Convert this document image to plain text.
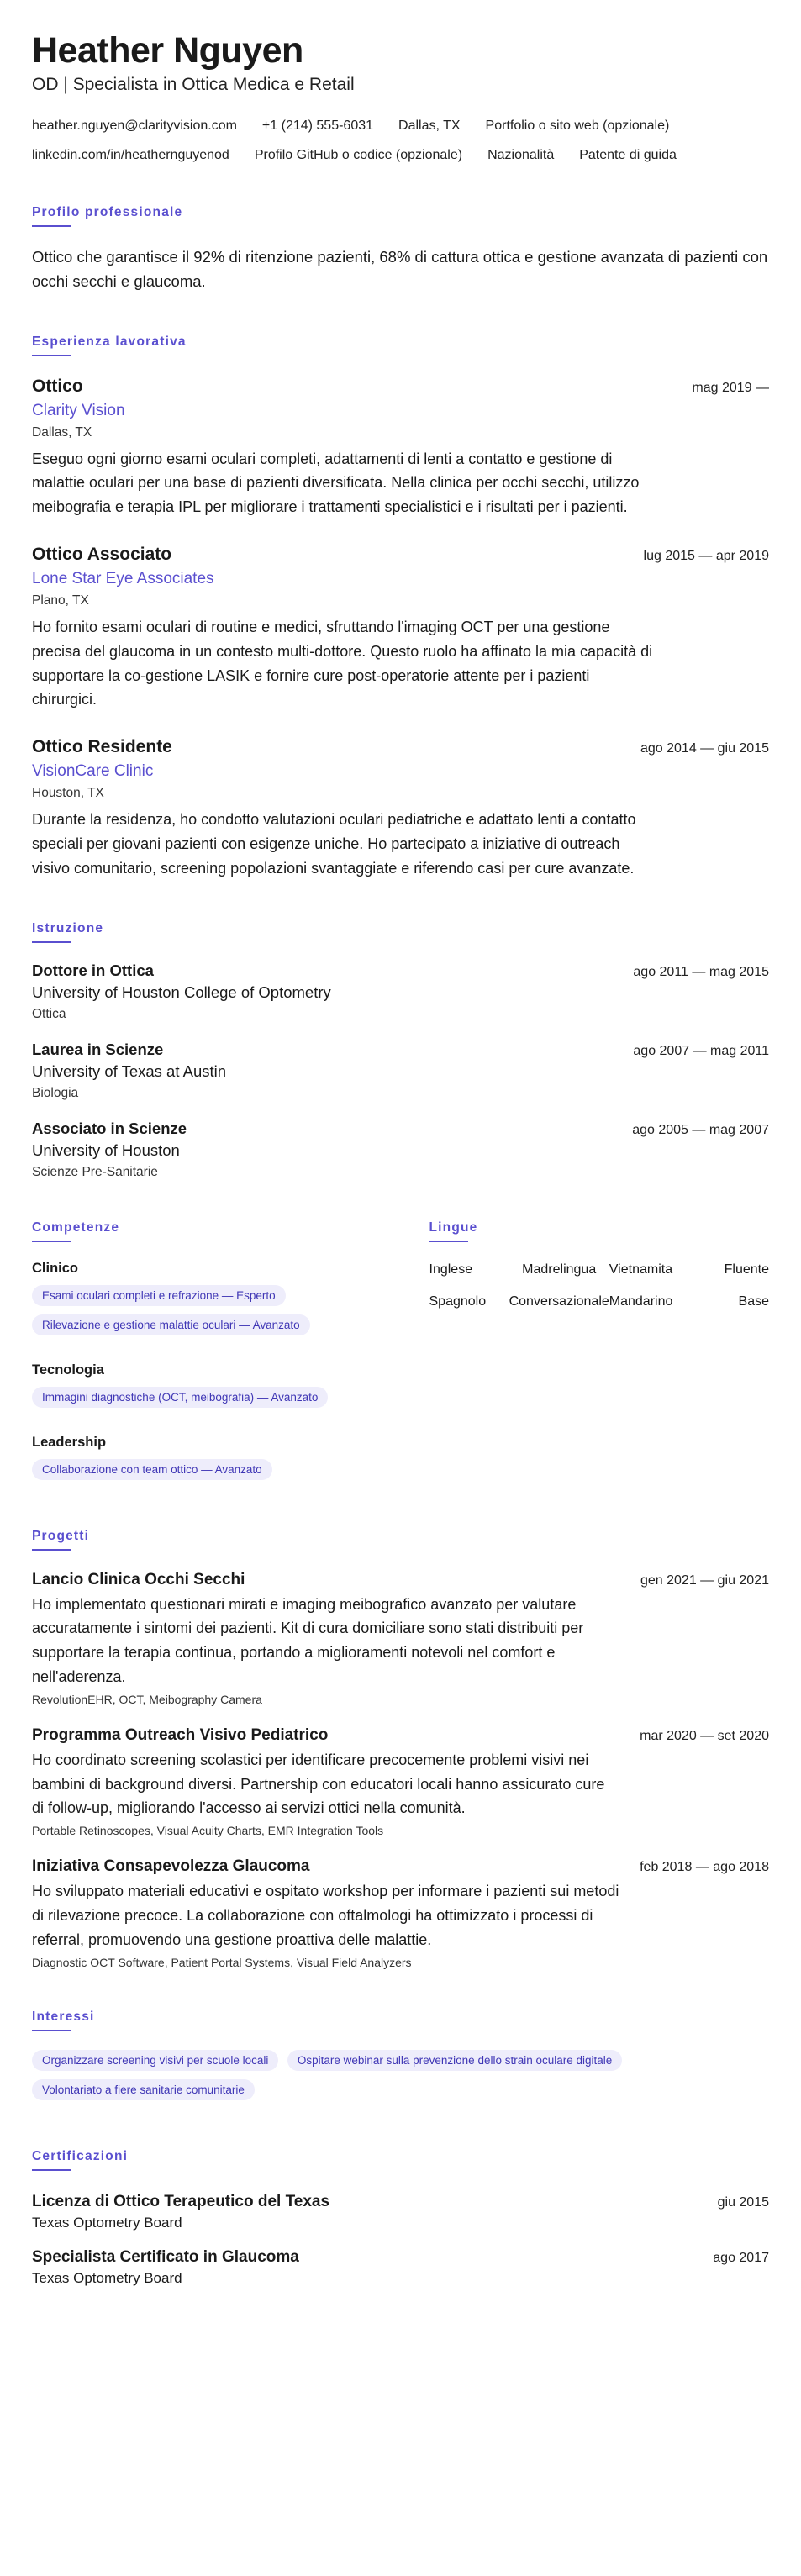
Heather Nguyen
OD | Specialista in Ottica Medica e Retail
heather.nguyen@clarityvision.com +1 (214) 555-6031 Dallas, TX Portfolio o sito web (opzionale)
linkedin.com/in/heathernguyenod Profilo GitHub o codice (opzionale) Nazionalità Patente di guida
Profilo professionale
Ottico che garantisce il 92% di ritenzione pazienti, 68% di cattura ottica e gestione avanzata di pazienti con occhi secchi e glaucoma.
Esperienza lavorativa
Ottico	mag 2019 —
Clarity Vision
Dallas, TX
Eseguo ogni giorno esami oculari completi, adattamenti di lenti a contatto e gestione di malattie oculari per una base di pazienti diversificata. Nella clinica per occhi secchi, utilizzo meibografia e terapia IPL per migliorare i trattamenti specialistici e i risultati per i pazienti.
Ottico Associato	lug 2015 — apr 2019
Lone Star Eye Associates
Plano, TX
Ho fornito esami oculari di routine e medici, sfruttando l'imaging OCT per una gestione precisa del glaucoma in un contesto multi-dottore. Questo ruolo ha affinato la mia capacità di supportare la co-gestione LASIK e fornire cure post-operatorie attente per i pazienti chirurgici.
Ottico Residente	ago 2014 — giu 2015
VisionCare Clinic
Houston, TX
Durante la residenza, ho condotto valutazioni oculari pediatriche e adattato lenti a contatto speciali per giovani pazienti con esigenze uniche. Ho partecipato a iniziative di outreach visivo comunitario, screening popolazioni svantaggiate e riferendo casi per cure avanzate.
Istruzione
Dottore in Ottica	ago 2011 — mag 2015
University of Houston College of Optometry
Ottica
Laurea in Scienze	ago 2007 — mag 2011
University of Texas at Austin
Biologia
Associato in Scienze	ago 2005 — mag 2007
University of Houston
Scienze Pre-Sanitarie
Competenze
Clinico
Esami oculari completi e refrazione — Esperto
Rilevazione e gestione malattie oculari — Avanzato
Tecnologia
Immagini diagnostiche (OCT, meibografia) — Avanzato
Leadership
Collaborazione con team ottico — Avanzato
Lingue
Inglese	Madrelingua Vietnamita	Fluente
Spagnolo	Conversazionale Mandarino	Base
Progetti
Lancio Clinica Occhi Secchi	gen 2021 — giu 2021
Ho implementato questionari mirati e imaging meibografico avanzato per valutare accuratamente i sintomi dei pazienti. Kit di cura domiciliare sono stati distribuiti per supportare la terapia continua, portando a miglioramenti notevoli nel comfort e nell'aderenza.
RevolutionEHR, OCT, Meibography Camera
Programma Outreach Visivo Pediatrico	mar 2020 — set 2020
Ho coordinato screening scolastici per identificare precocemente problemi visivi nei bambini di background diversi. Partnership con educatori locali hanno assicurato cure di follow-up, migliorando l'accesso ai servizi ottici nella comunità.
Portable Retinoscopes, Visual Acuity Charts, EMR Integration Tools
Iniziativa Consapevolezza Glaucoma	feb 2018 — ago 2018
Ho sviluppato materiali educativi e ospitato workshop per informare i pazienti sui metodi di rilevazione precoce. La collaborazione con oftalmologi ha ottimizzato i processi di referral, promuovendo una gestione proattiva delle malattie.
Diagnostic OCT Software, Patient Portal Systems, Visual Field Analyzers
Interessi
Organizzare screening visivi per scuole locali	Ospitare webinar sulla prevenzione dello strain oculare digitale Volontariato a fiere sanitarie comunitarie
Certificazioni
Licenza di Ottico Terapeutico del Texas	giu 2015
Texas Optometry Board
Specialista Certificato in Glaucoma	ago 2017
Texas Optometry Board
